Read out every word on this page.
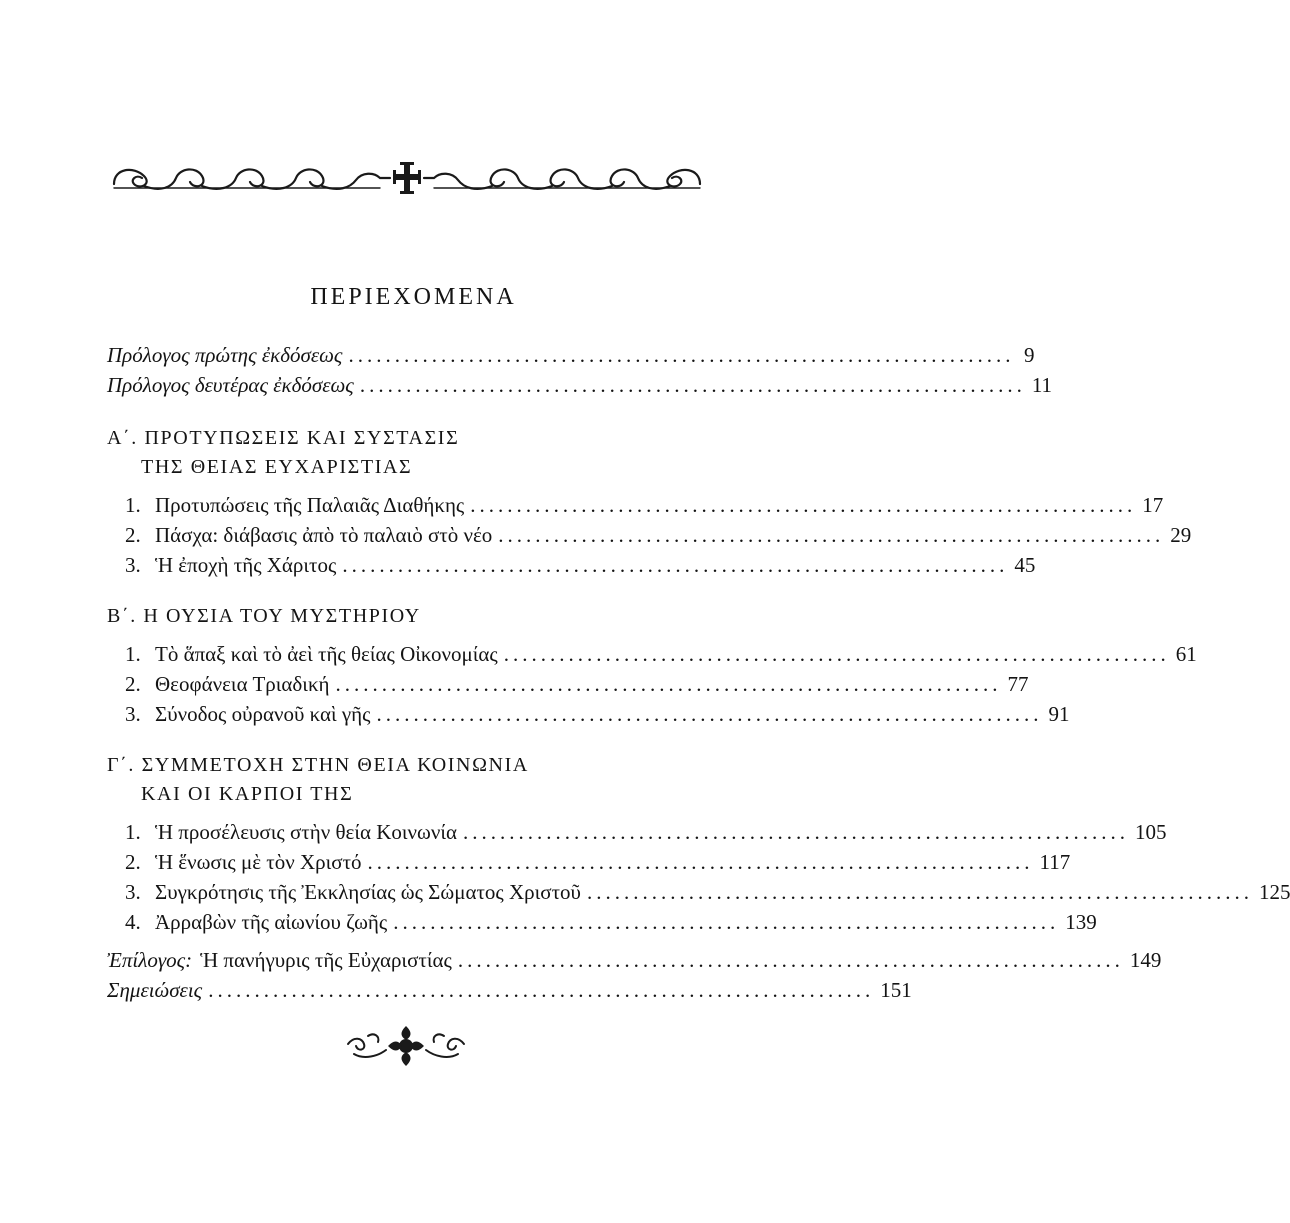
ΠΕΡΙΕΧΟΜΕΝΑ
Πρόλογος πρώτης ἐκδόσεως ........................................................................ 9
Πρόλογος δευτέρας ἐκδόσεως ........................................................................ 11
Α΄. ΠΡΟΤΥΠΩΣΕΙΣ ΚΑΙ ΣΥΣΤΑΣΙΣ
ΤΗΣ ΘΕΙΑΣ ΕΥΧΑΡΙΣΤΙΑΣ
1. Προτυπώσεις τῆς Παλαιᾶς Διαθήκης ........................................................................ 17
2. Πάσχα: διάβασις ἀπὸ τὸ παλαιὸ στὸ νέο ........................................................................ 29
3. Ἡ ἐποχὴ τῆς Χάριτος ........................................................................ 45
Β΄. Η ΟΥΣΙΑ ΤΟΥ ΜΥΣΤΗΡΙΟΥ
1. Τὸ ἅπαξ καὶ τὸ ἀεὶ τῆς θείας Οἰκονομίας ........................................................................ 61
2. Θεοφάνεια Τριαδική ........................................................................ 77
3. Σύνοδος οὐρανοῦ καὶ γῆς ........................................................................ 91
Γ΄. ΣΥΜΜΕΤΟΧΗ ΣΤΗΝ ΘΕΙΑ ΚΟΙΝΩΝΙΑ
ΚΑΙ ΟΙ ΚΑΡΠΟΙ ΤΗΣ
1. Ἡ προσέλευσις στὴν θεία Κοινωνία ........................................................................ 105
2. Ἡ ἕνωσις μὲ τὸν Χριστό ........................................................................ 117
3. Συγκρότησις τῆς Ἐκκλησίας ὡς Σώματος Χριστοῦ ........................................................................ 125
4. Ἀρραβὼν τῆς αἰωνίου ζωῆς ........................................................................ 139
Ἐπίλογος: Ἡ πανήγυρις τῆς Εὐχαριστίας ........................................................................ 149
Σημειώσεις ........................................................................ 151
